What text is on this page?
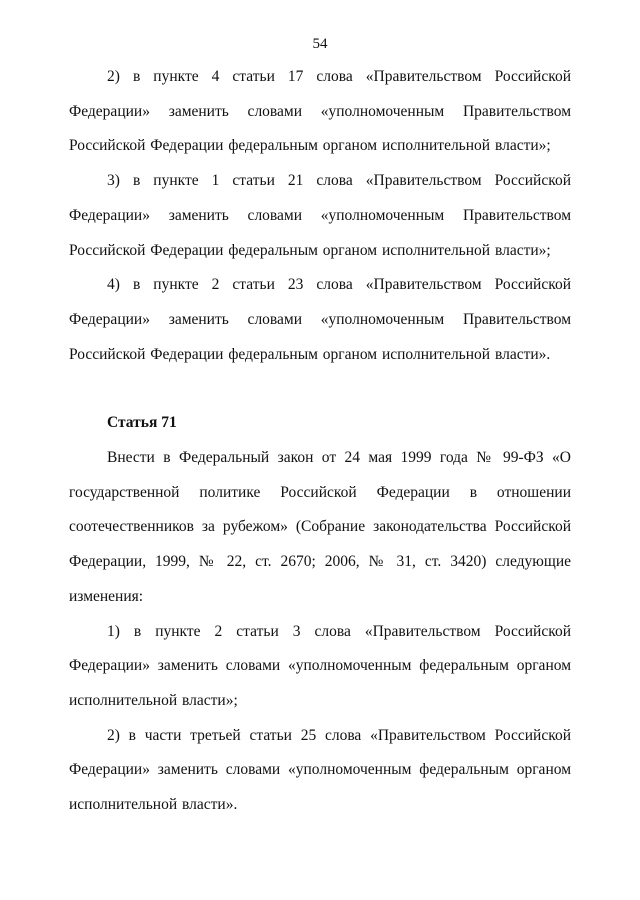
54

2) в пункте 4 статьи 17 слова «Правительством Российской Федерации» заменить словами «уполномоченным Правительством Российской Федерации федеральным органом исполнительной власти»;

3) в пункте 1 статьи 21 слова «Правительством Российской Федерации» заменить словами «уполномоченным Правительством Российской Федерации федеральным органом исполнительной власти»;

4) в пункте 2 статьи 23 слова «Правительством Российской Федерации» заменить словами «уполномоченным Правительством Российской Федерации федеральным органом исполнительной власти».

Статья 71

Внести в Федеральный закон от 24 мая 1999 года № 99-ФЗ «О государственной политике Российской Федерации в отношении соотечественников за рубежом» (Собрание законодательства Российской Федерации, 1999, № 22, ст. 2670; 2006, № 31, ст. 3420) следующие изменения:

1) в пункте 2 статьи 3 слова «Правительством Российской Федерации» заменить словами «уполномоченным федеральным органом исполнительной власти»;

2) в части третьей статьи 25 слова «Правительством Российской Федерации» заменить словами «уполномоченным федеральным органом исполнительной власти».
